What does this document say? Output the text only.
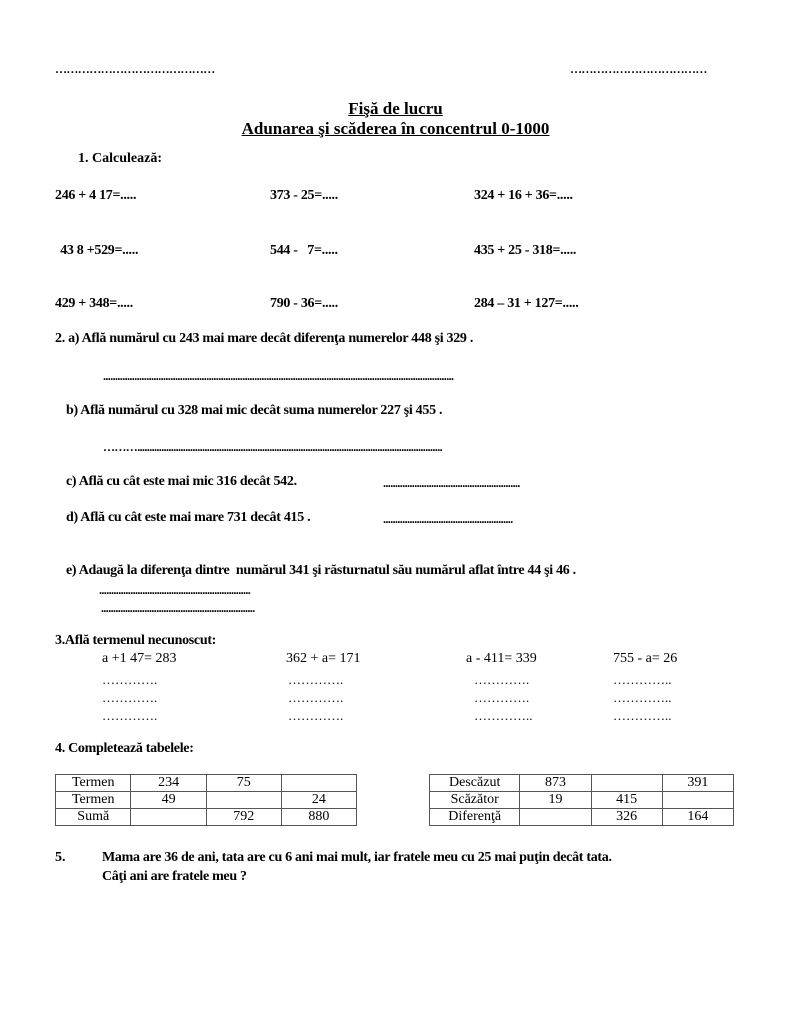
……………………………………	………………………………
Fişă de lucru
Adunarea şi scăderea în concentrul 0-1000
1. Calculează:
246 + 4 17=.....	373 - 25=.....	324 + 16 + 36=.....
43 8 +529=.....	544 -   7=.....	435 + 25 - 318=.....
429 + 348=.....	790 - 36=.....	284 – 31 + 127=.....
2. a) Află numărul cu 243 mai mare decât diferenţa numerelor 448 şi 329 .
..................................................................................................................................................
b) Află numărul cu 328 mai mic decât suma numerelor 227 şi 455 .
………...............................................................................................................................
c) Află cu cât este mai mic 316 decât 542.	.........................................................
d) Află cu cât este mai mare 731 decât 415 .	......................................................
e) Adaugă la diferenţa dintre  numărul 341 şi răsturnatul său numărul aflat între 44 şi 46 .
...............................................................
................................................................
3.Află termenul necunoscut:
a +1 47= 283	362 + a= 171	a - 411= 339	755 - a= 26
………….
………….
………….
………….
………….
………….
………….
………….
…………..
…………..
…………..
…………..
4. Completează tabelele:
Termen	234	75	
Termen	49		24
Sumă		792	880
Descăzut	873		391
Scăzător	19	415	
Diferenţă		326	164
5.	Mama are 36 de ani, tata are cu 6 ani mai mult, iar fratele meu cu 25 mai puţin decât tata.
Câţi ani are fratele meu ?
